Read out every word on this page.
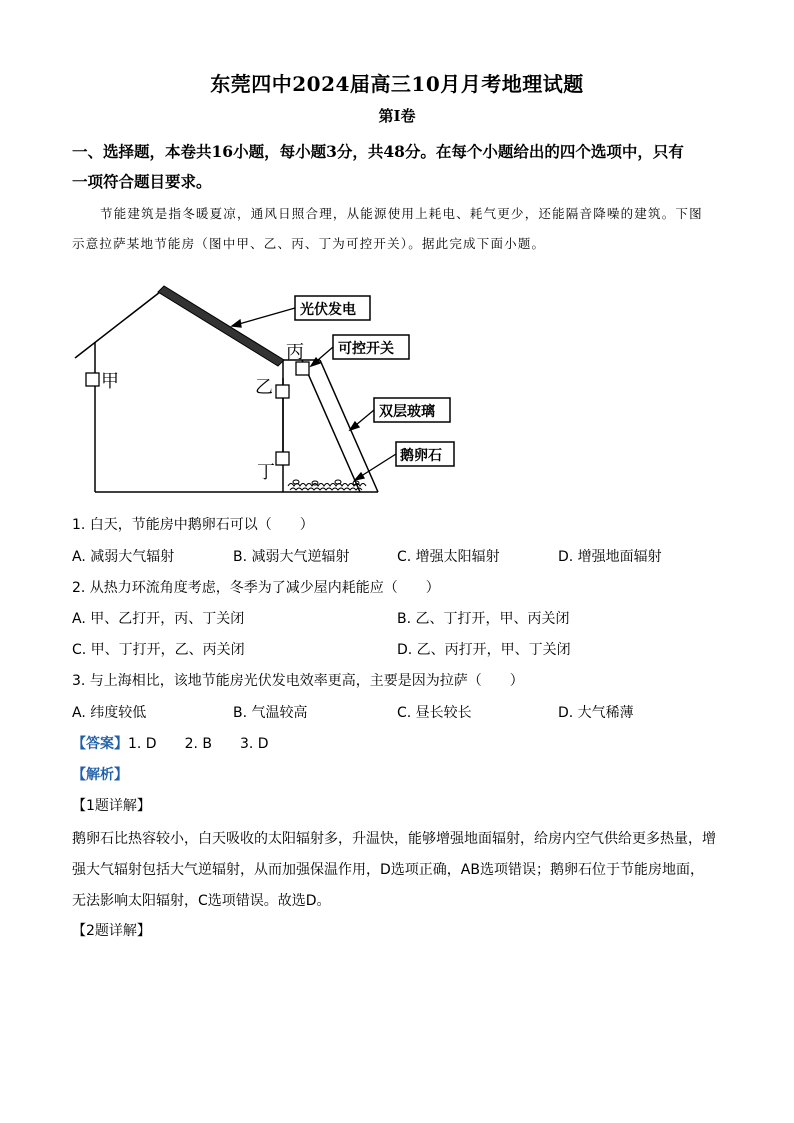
东莞四中2024届高三10月月考地理试题
第Ⅰ卷
一、选择题，本卷共16小题，每小题3分，共48分。在每个小题给出的四个选项中，只有
一项符合题目要求。
节能建筑是指冬暖夏凉，通风日照合理，从能源使用上耗电、耗气更少，还能隔音降噪的建筑。下图
示意拉萨某地节能房（图中甲、乙、丙、丁为可控开关）。据此完成下面小题。
光伏发电
可控开关
双层玻璃
鹅卵石
甲	乙
丙
丁
1. 白天，节能房中鹅卵石可以（　　）
A. 减弱大气辐射	B. 减弱大气逆辐射	C. 增强太阳辐射	D. 增强地面辐射
2. 从热力环流角度考虑，冬季为了减少屋内耗能应（　　）
A. 甲、乙打开，丙、丁关闭	B. 乙、丁打开，甲、丙关闭
C. 甲、丁打开，乙、丙关闭	D. 乙、丙打开，甲、丁关闭
3. 与上海相比，该地节能房光伏发电效率更高，主要是因为拉萨（　　）
A. 纬度较低	B. 气温较高	C. 昼长较长	D. 大气稀薄
【答案】1. D　　2. B　　3. D
【解析】
【1题详解】
鹅卵石比热容较小，白天吸收的太阳辐射多，升温快，能够增强地面辐射，给房内空气供给更多热量，增
强大气辐射包括大气逆辐射，从而加强保温作用，D选项正确，AB选项错误；鹅卵石位于节能房地面，
无法影响太阳辐射，C选项错误。故选D。
【2题详解】
